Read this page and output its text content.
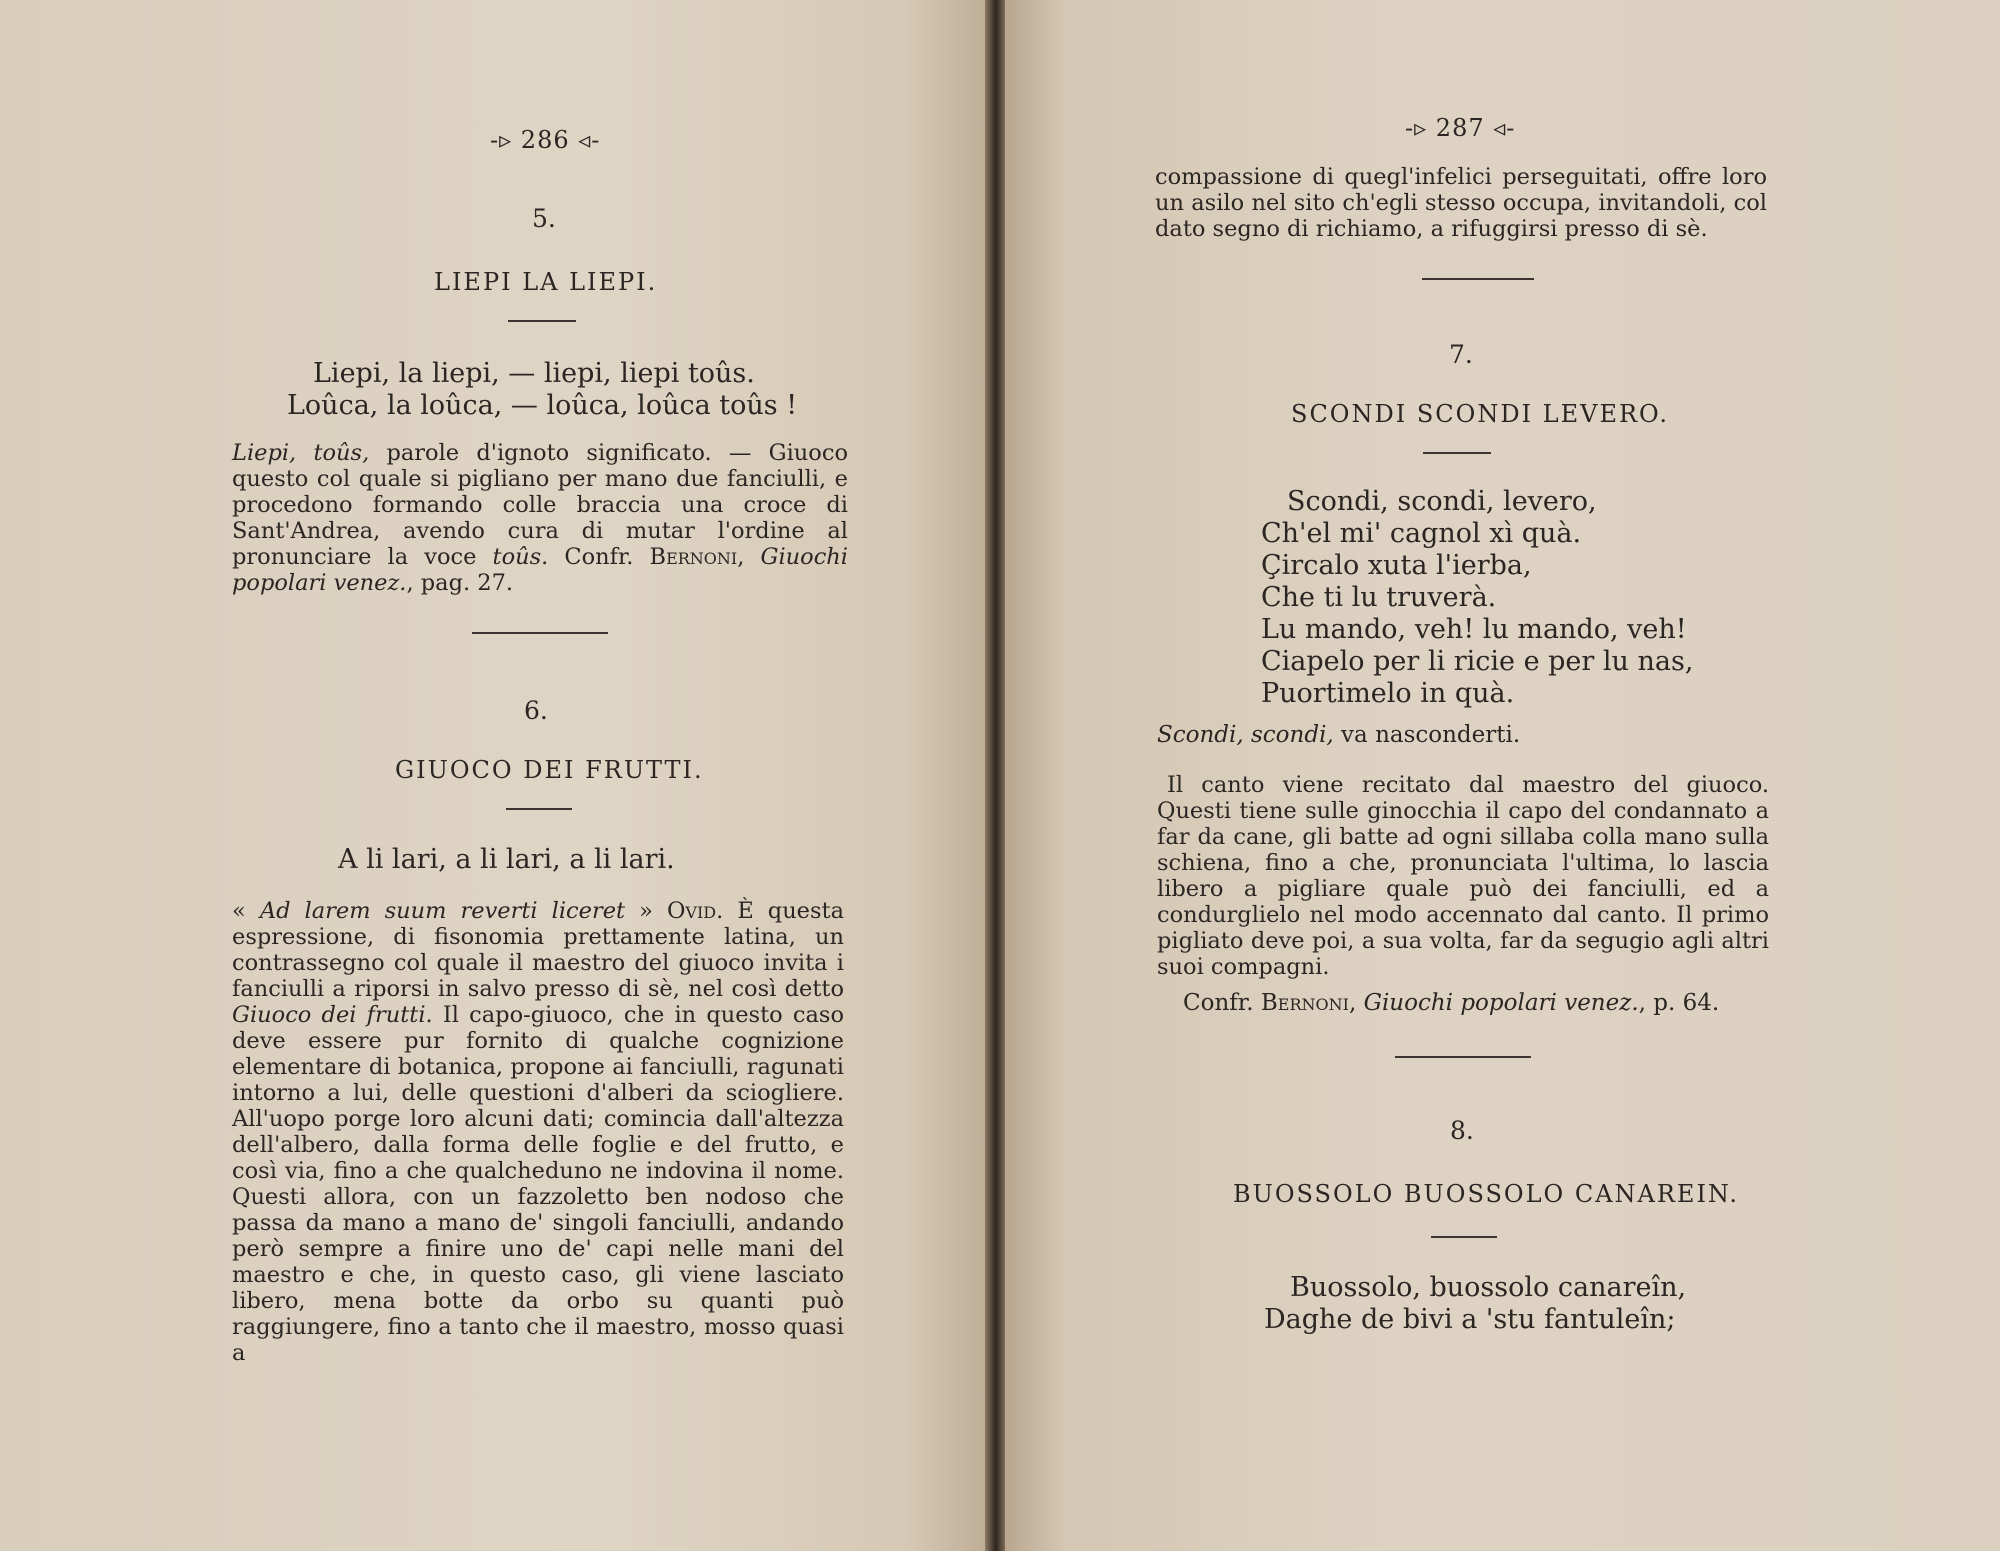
-▹ 286 ◃-
5.
LIEPI LA LIEPI.
Liepi, la liepi, — liepi, liepi toûs.
Loûca, la loûca, — loûca, loûca toûs !
Liepi, toûs, parole d'ignoto significato. — Giuoco questo col quale si pigliano per mano due fanciulli, e procedono formando colle braccia una croce di Sant'Andrea, avendo cura di mutar l'ordine al pronunciare la voce toûs. Confr. Bernoni, Giuochi popolari venez., pag. 27.
6.
GIUOCO DEI FRUTTI.
A li lari, a li lari, a li lari.
« Ad larem suum reverti liceret » Ovid. È questa espressione, di fisonomia prettamente latina, un contrassegno col quale il maestro del giuoco invita i fanciulli a riporsi in salvo presso di sè, nel così detto Giuoco dei frutti. Il capo-giuoco, che in questo caso deve essere pur fornito di qualche cognizione elementare di botanica, propone ai fanciulli, ragunati intorno a lui, delle questioni d'alberi da sciogliere. All'uopo porge loro alcuni dati; comincia dall'altezza dell'albero, dalla forma delle foglie e del frutto, e così via, fino a che qualcheduno ne indovina il nome. Questi allora, con un fazzoletto ben nodoso che passa da mano a mano de' singoli fanciulli, andando però sempre a finire uno de' capi nelle mani del maestro e che, in questo caso, gli viene lasciato libero, mena botte da orbo su quanti può raggiungere, fino a tanto che il maestro, mosso quasi a
-▹ 287 ◃-
compassione di quegl'infelici perseguitati, offre loro un asilo nel sito ch'egli stesso occupa, invitandoli, col dato segno di richiamo, a rifuggirsi presso di sè.
7.
SCONDI SCONDI LEVERO.
Scondi, scondi, levero,
Ch'el mi' cagnol xì quà.
Çircalo xuta l'ierba,
Che ti lu truverà.
Lu mando, veh! lu mando, veh!
Ciapelo per li ricie e per lu nas,
Puortimelo in quà.
Scondi, scondi, va nasconderti.
Il canto viene recitato dal maestro del giuoco. Questi tiene sulle ginocchia il capo del condannato a far da cane, gli batte ad ogni sillaba colla mano sulla schiena, fino a che, pronunciata l'ultima, lo lascia libero a pigliare quale può dei fanciulli, ed a condurglielo nel modo accennato dal canto. Il primo pigliato deve poi, a sua volta, far da segugio agli altri suoi compagni.
Confr. Bernoni, Giuochi popolari venez., p. 64.
8.
BUOSSOLO BUOSSOLO CANAREIN.
Buossolo, buossolo canareîn,
Daghe de bivi a 'stu fantuleîn;
